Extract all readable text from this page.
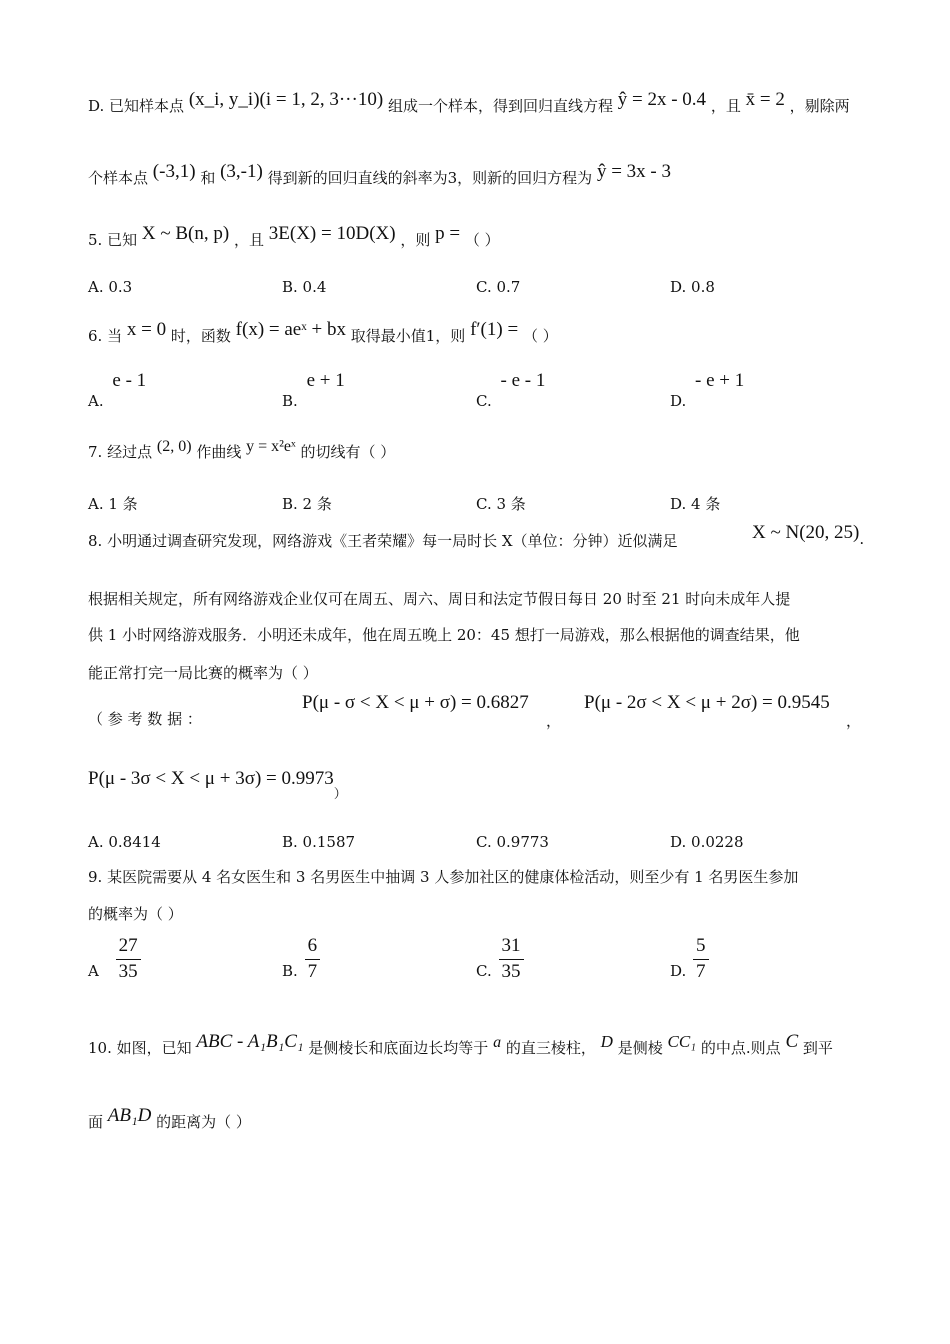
D. 已知样本点 (x_i, y_i)(i = 1, 2, 3···10) 组成一个样本，得到回归直线方程 ŷ = 2x - 0.4 ，且 x̄ = 2 ，剔除两
个样本点 (-3,1) 和 (3,-1) 得到新的回归直线的斜率为3，则新的回归方程为 ŷ = 3x - 3
5. 已知 X ~ B(n, p) ，且 3E(X) = 10D(X) ，则 p = （ ）
A. 0.3	B. 0.4	C. 0.7	D. 0.8
6. 当 x = 0 时，函数 f(x) = aeˣ + bx 取得最小值1，则 f′(1) = （ ）
A. e - 1
B. e + 1
C. - e - 1
D. - e + 1
7. 经过点 (2, 0) 作曲线 y = x²eˣ 的切线有（ ）
A. 1 条	B. 2 条	C. 3 条	D. 4 条
8. 小明通过调查研究发现，网络游戏《王者荣耀》每一局时长 X（单位：分钟）近似满足	X ~ N(20, 25).
根据相关规定，所有网络游戏企业仅可在周五、周六、周日和法定节假日每日 20 时至 21 时向未成年人提
供 1 小时网络游戏服务．小明还未成年，他在周五晚上 20：45 想打一局游戏，那么根据他的调查结果，他
能正常打完一局比赛的概率为（ ）
（ 参 考 数 据 ：
P(μ - σ < X < μ + σ) = 0.6827
，
P(μ - 2σ < X < μ + 2σ) = 0.9545
，
P(μ - 3σ < X < μ + 3σ) = 0.9973）
A. 0.8414	B. 0.1587	C. 0.9773	D. 0.0228
9. 某医院需要从 4 名女医生和 3 名男医生中抽调 3 人参加社区的健康体检活动，则至少有 1 名男医生参加
的概率为（ ）
A $\frac{27}{35}$	B. $\frac{6}{7}$	C. $\frac{31}{35}$	D. $\frac{5}{7}$
10. 如图，已知 ABC - A₁B₁C₁ 是侧棱长和底面边长均等于 a 的直三棱柱， D 是侧棱 CC₁ 的中点.则点 C 到平
面 AB₁D 的距离为（ ）
